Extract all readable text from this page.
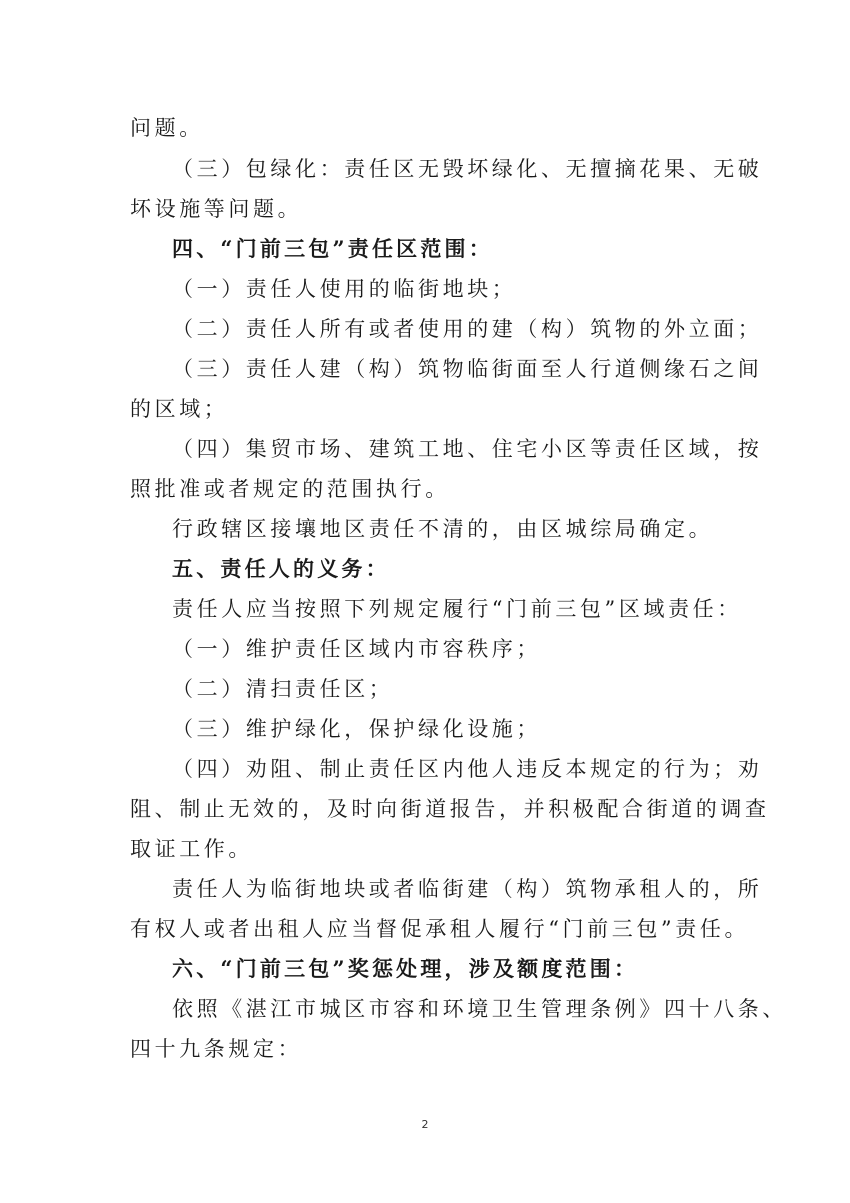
问题。
（三）包绿化：责任区无毁坏绿化、无擅摘花果、无破
坏设施等问题。
四、“门前三包”责任区范围：
（一）责任人使用的临街地块；
（二）责任人所有或者使用的建（构）筑物的外立面；
（三）责任人建（构）筑物临街面至人行道侧缘石之间
的区域；
（四）集贸市场、建筑工地、住宅小区等责任区域，按
照批准或者规定的范围执行。
行政辖区接壤地区责任不清的，由区城综局确定。
五、责任人的义务：
责任人应当按照下列规定履行“门前三包”区域责任：
（一）维护责任区域内市容秩序；
（二）清扫责任区；
（三）维护绿化，保护绿化设施；
（四）劝阻、制止责任区内他人违反本规定的行为；劝
阻、制止无效的，及时向街道报告，并积极配合街道的调查
取证工作。
责任人为临街地块或者临街建（构）筑物承租人的，所
有权人或者出租人应当督促承租人履行“门前三包”责任。
六、“门前三包”奖惩处理，涉及额度范围：
依照《湛江市城区市容和环境卫生管理条例》四十八条、
四十九条规定：
2
